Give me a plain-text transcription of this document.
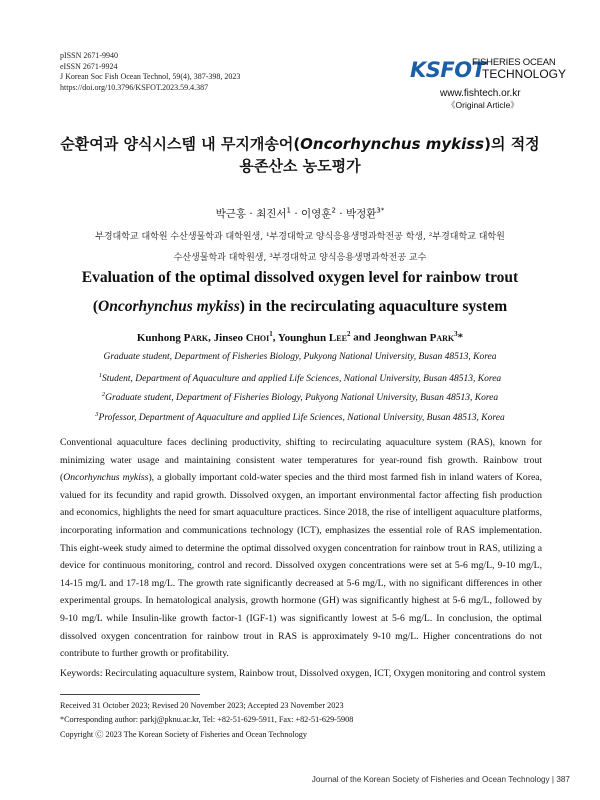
pISSN 2671-9940
eISSN 2671-9924
J Korean Soc Fish Ocean Technol, 59(4), 387-398, 2023
https://doi.org/10.3796/KSFOT.2023.59.4.387
KSFOT
FISHERIES OCEAN
TECHNOLOGY
www.fishtech.or.kr
《Original Article》
순환여과 양식시스템 내 무지개송어(Oncorhynchus mykiss)의 적정
용존산소 농도평가
박근홍 · 최진서$^1$ · 이영훈$^2$ · 박정환$^{3*}$
부경대학교 대학원 수산생물학과 대학원생, ¹부경대학교 양식응용생명과학전공 학생, ²부경대학교 대학원
수산생물학과 대학원생, ³부경대학교 양식응용생명과학전공 교수
Evaluation of the optimal dissolved oxygen level for rainbow trout
(Oncorhynchus mykiss) in the recirculating aquaculture system
Kunhong PARK, Jinseo CHOI$^1$, Younghun LEE$^2$ and Jeonghwan PARK$^3$*
Graduate student, Department of Fisheries Biology, Pukyong National University, Busan 48513, Korea
$^1$Student, Department of Aquaculture and applied Life Sciences, National University, Busan 48513, Korea
$^2$Graduate student, Department of Fisheries Biology, Pukyong National University, Busan 48513, Korea
$^3$Professor, Department of Aquaculture and applied Life Sciences, National University, Busan 48513, Korea
Conventional aquaculture faces declining productivity, shifting to recirculating aquaculture system (RAS), known for minimizing water usage and maintaining consistent water temperatures for year-round fish growth. Rainbow trout (Oncorhynchus mykiss), a globally important cold-water species and the third most farmed fish in inland waters of Korea, valued for its fecundity and rapid growth. Dissolved oxygen, an important environmental factor affecting fish production and economics, highlights the need for smart aquaculture practices. Since 2018, the rise of intelligent aquaculture platforms, incorporating information and communications technology (ICT), emphasizes the essential role of RAS implementation. This eight-week study aimed to determine the optimal dissolved oxygen concentration for rainbow trout in RAS, utilizing a device for continuous monitoring, control and record. Dissolved oxygen concentrations were set at 5-6 mg/L, 9-10 mg/L, 14-15 mg/L and 17-18 mg/L. The growth rate significantly decreased at 5-6 mg/L, with no significant differences in other experimental groups. In hematological analysis, growth hormone (GH) was significantly highest at 5-6 mg/L, followed by 9-10 mg/L while Insulin-like growth factor-1 (IGF-1) was significantly lowest at 5-6 mg/L. In conclusion, the optimal dissolved oxygen concentration for rainbow trout in RAS is approximately 9-10 mg/L. Higher concentrations do not contribute to further growth or profitability.
Keywords: Recirculating aquaculture system, Rainbow trout, Dissolved oxygen, ICT, Oxygen monitoring and control system
Received 31 October 2023; Revised 20 November 2023; Accepted 23 November 2023
*Corresponding author: parkj@pknu.ac.kr, Tel: +82-51-629-5911, Fax: +82-51-629-5908
Copyright Ⓒ 2023 The Korean Society of Fisheries and Ocean Technology
Journal of the Korean Society of Fisheries and Ocean Technology | 387
